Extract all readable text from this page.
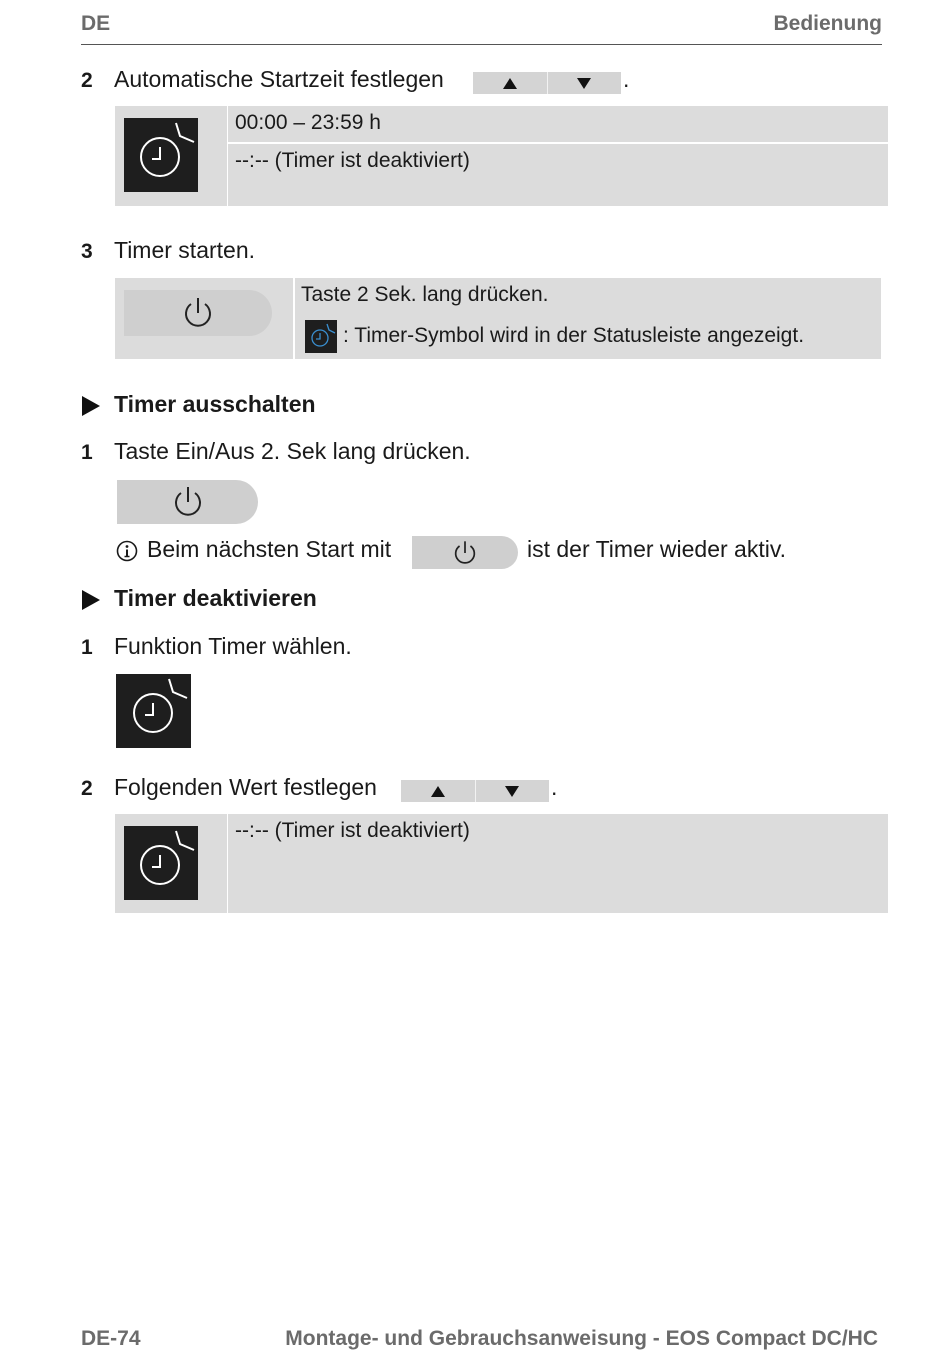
DE	Bedienung
2 Automatische Startzeit festlegen	.
00:00 – 23:59 h
--:-- (Timer ist deaktiviert)
3 Timer starten.
Taste 2 Sek. lang drücken.
: Timer-Symbol wird in der Statusleiste angezeigt.
Timer ausschalten
1 Taste Ein/Aus 2. Sek lang drücken.
Beim nächsten Start mit	ist der Timer wieder aktiv.
Timer deaktivieren
1 Funktion Timer wählen.
2 Folgenden Wert festlegen	.
--:-- (Timer ist deaktiviert)
DE-74	Montage- und Gebrauchsanweisung - EOS Compact DC/HC
